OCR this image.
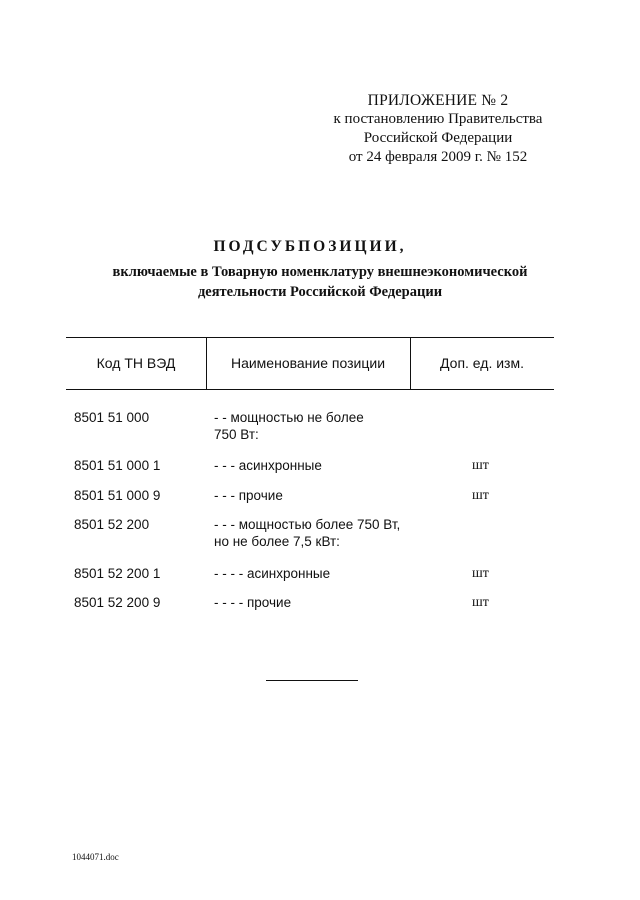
ПРИЛОЖЕНИЕ № 2
к постановлению Правительства
Российской Федерации
от 24 февраля 2009 г. № 152
ПОДСУБПОЗИЦИИ,
включаемые в Товарную номенклатуру внешнеэкономической
деятельности Российской Федерации
Код ТН ВЭД	Наименование позиции	Доп. ед. изм.
8501 51 000	- - мощностью не более
750 Вт:
8501 51 000 1	- - - асинхронные	шт
8501 51 000 9	- - - прочие	шт
8501 52 200	- - - мощностью более 750 Вт,
но не более 7,5 кВт:
8501 52 200 1	- - - - асинхронные	шт
8501 52 200 9	- - - - прочие	шт
1044071.doc
